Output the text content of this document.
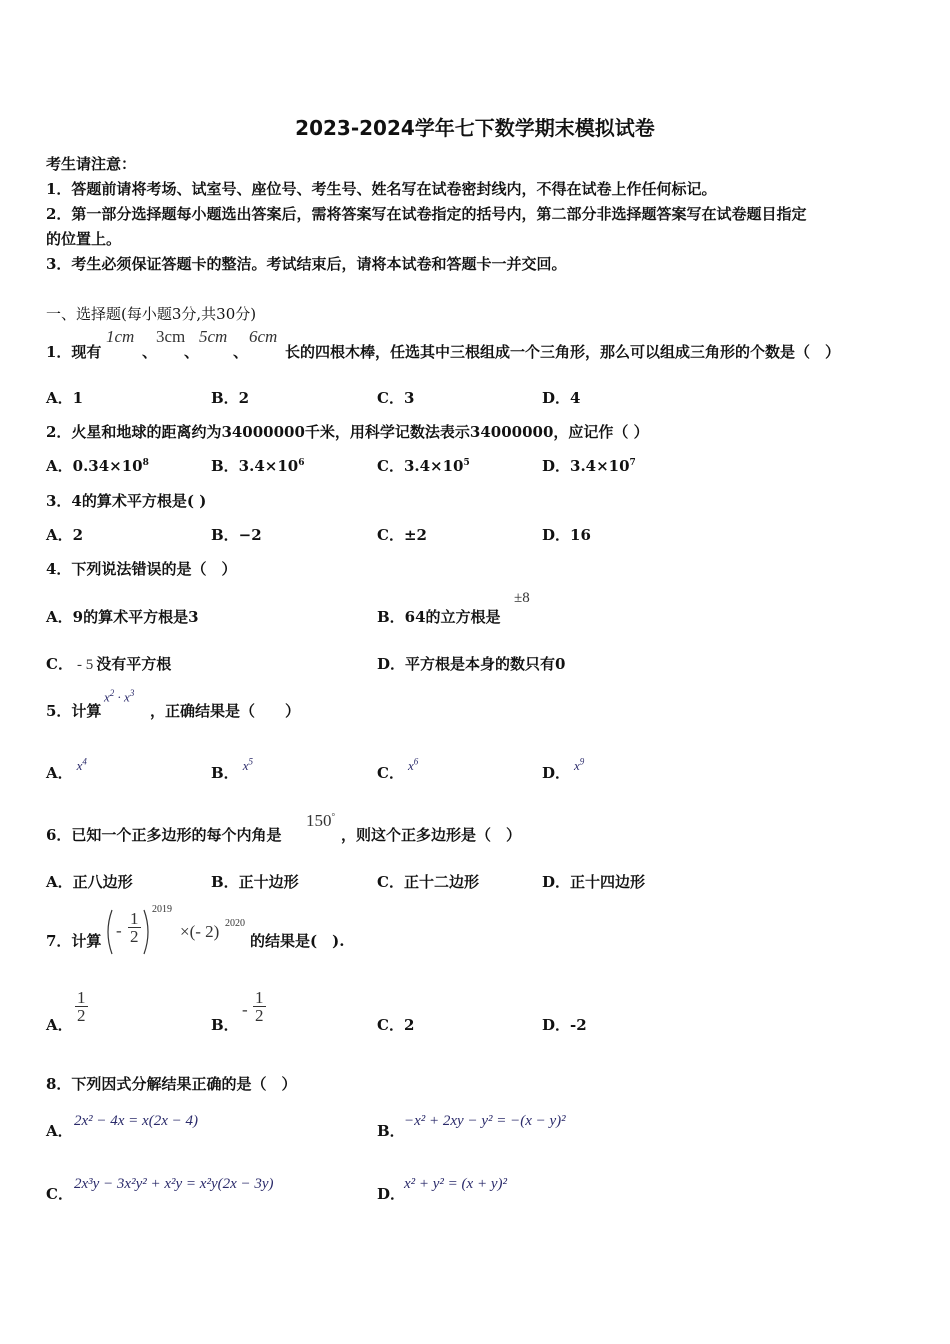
2023-2024学年七下数学期末模拟试卷
考生请注意：
1．答题前请将考场、试室号、座位号、考生号、姓名写在试卷密封线内，不得在试卷上作任何标记。
2．第一部分选择题每小题选出答案后，需将答案写在试卷指定的括号内，第二部分非选择题答案写在试卷题目指定
的位置上。
3．考生必须保证答题卡的整洁。考试结束后，请将本试卷和答题卡一并交回。
一、选择题(每小题3分,共30分)
1．现有
1cm
、
3cm
、
5cm
、
6cm
长的四根木棒，任选其中三根组成一个三角形，那么可以组成三角形的个数是（　）
A．1	B．2	C．3	D．4
2．火星和地球的距离约为34000000千米，用科学记数法表示34000000，应记作（ ）
A．$0.34\times 10^8$	B．$3.4\times 10^6$	C．$3.4\times 10^5$	D．$3.4\times 10^7$
3．4的算术平方根是( )
A．2	B．−2	C．±2	D．16
4．下列说法错误的是（　）
A．9的算术平方根是3	B．64的立方根是
±8
C． - 5 没有平方根	D．平方根是本身的数只有0
5．计算
$x^2 \cdot x^3$
，正确结果是（　　）
A． $x^4$
B． $x^5$
C． $x^6$
D． $x^9$
6．已知一个正多边形的每个内角是
150°
，则这个正多边形是（　）
A．正八边形	B．正十边形	C．正十二边形	D．正十四边形
7．计算
- $\frac{1}{2}$
2019
×(- 2) 2020
的结果是(　).
A．
$\frac{1}{2}$
B．
- $\frac{1}{2}$
C．2	D．-2
8．下列因式分解结果正确的是（　）
A．
2x² − 4x = x(2x − 4)
B．
−x² + 2xy − y² = −(x − y)²
C．
2x³y − 3x²y² + x²y = x²y(2x − 3y)
D．
x² + y² = (x + y)²
